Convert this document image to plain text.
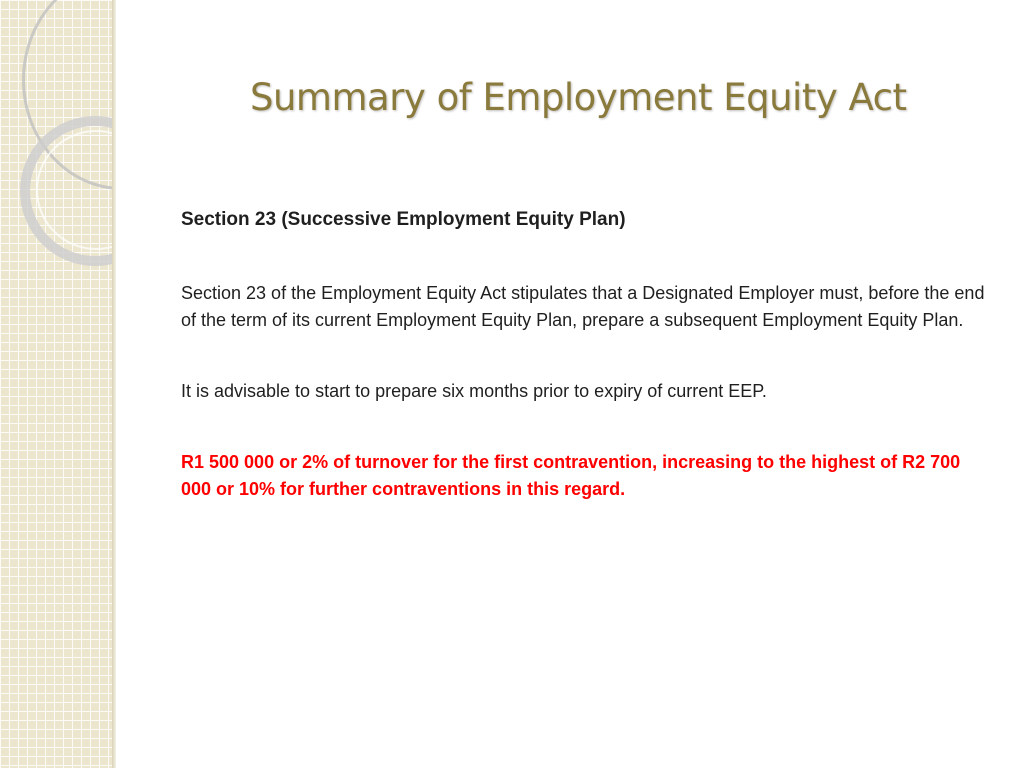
Summary of Employment Equity Act

Section 23 (Successive Employment Equity Plan)

Section 23 of the Employment Equity Act stipulates that a Designated Employer must, before the end of the term of its current Employment Equity Plan, prepare a subsequent Employment Equity Plan.

It is advisable to start to prepare six months prior to expiry of current EEP.

R1 500 000 or 2% of turnover for the first contravention, increasing to the highest of R2 700 000 or 10% for further contraventions in this regard.
